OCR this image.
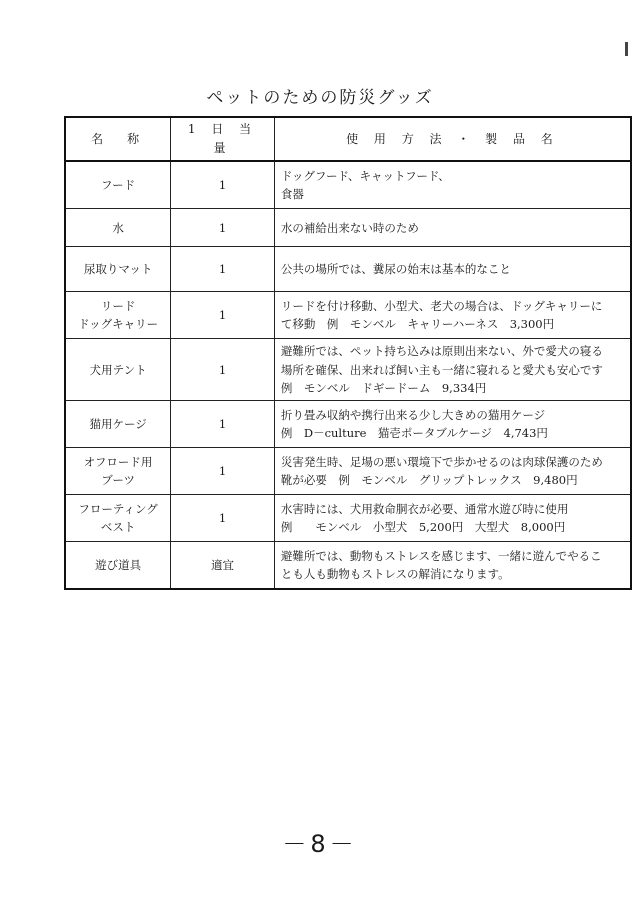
ペットのための防災グッズ
名　称	1 日 当 量	使 用 方 法 ・ 製 品 名
フード	1	ドッグフード、キャットフード、
食器
水	1	水の補給出来ない時のため
尿取りマット	1	公共の場所では、糞尿の始末は基本的なこと
リード
ドッグキャリー	1	リードを付け移動、小型犬、老犬の場合は、ドッグキャリーに
て移動　例　モンベル　キャリーハーネス　3,300円
犬用テント	1	避難所では、ペット持ち込みは原則出来ない、外で愛犬の寝る
場所を確保、出来れば飼い主も一緒に寝れると愛犬も安心です
例　モンベル　ドギードーム　9,334円
猫用ケージ	1	折り畳み収納や携行出来る少し大きめの猫用ケージ
例　D－culture　猫壱ポータブルケージ　4,743円
オフロード用
ブーツ	1	災害発生時、足場の悪い環境下で歩かせるのは肉球保護のため
靴が必要　例　モンベル　グリップトレックス　9,480円
フローティング
ベスト	1	水害時には、犬用救命胴衣が必要、通常水遊び時に使用
例　　モンベル　小型犬　5,200円　大型犬　8,000円
遊び道具	適宜	避難所では、動物もストレスを感じます、一緒に遊んでやるこ
とも人も動物もストレスの解消になります。
－8－
